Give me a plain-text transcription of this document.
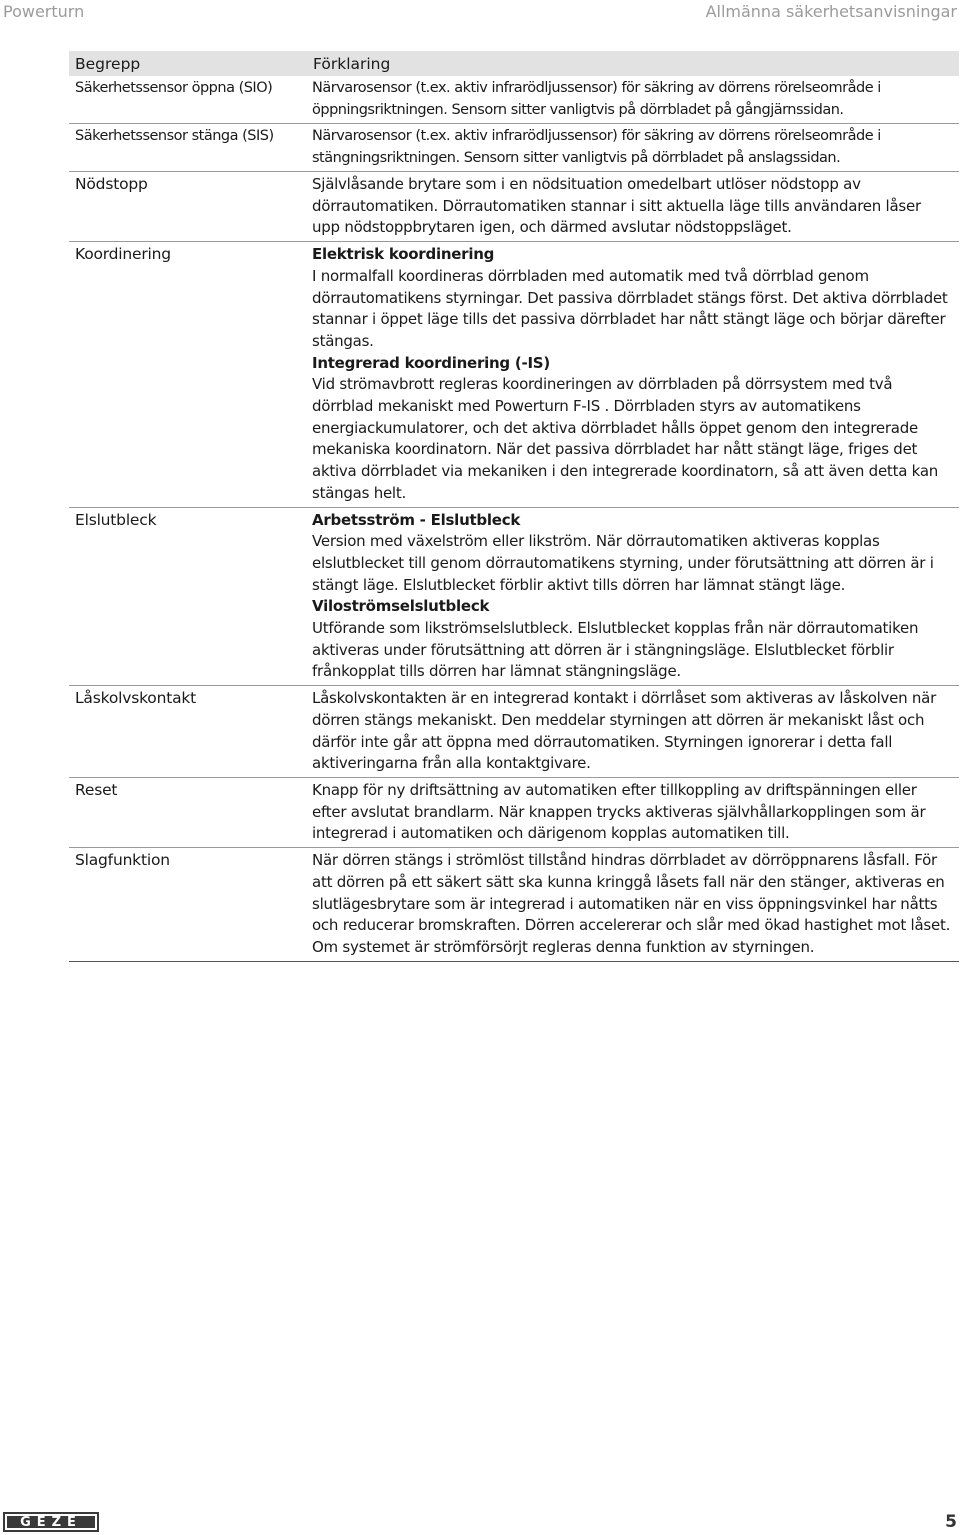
Powerturn	Allmänna säkerhetsanvisningar
Begrepp	Förklaring
Säkerhetssensor öppna (SIO)	Närvarosensor (t.ex. aktiv infrarödljussensor) för säkring av dörrens rörelseområde i öppningsriktningen. Sensorn sitter vanligtvis på dörrbladet på gångjärnssidan.

Säkerhetssensor stänga (SIS)	Närvarosensor (t.ex. aktiv infrarödljussensor) för säkring av dörrens rörelseområde i stängningsriktningen. Sensorn sitter vanligtvis på dörrbladet på anslagssidan.

Nödstopp	Självlåsande brytare som i en nödsituation omedelbart utlöser nödstopp av dörrautomatiken. Dörrautomatiken stannar i sitt aktuella läge tills användaren låser upp nödstoppbrytaren igen, och därmed avslutar nödstoppsläget.

Koordinering	Elektrisk koordinering
I normalfall koordineras dörrbladen med automatik med två dörrblad genom dörrautomatikens styrningar. Det passiva dörrbladet stängs först. Det aktiva dörrbladet stannar i öppet läge tills det passiva dörrbladet har nått stängt läge och börjar därefter stängas.
Integrerad koordinering (-IS)
Vid strömavbrott regleras koordineringen av dörrbladen på dörrsystem med två dörrblad mekaniskt med Powerturn F-IS . Dörrbladen styrs av automatikens energiackumulatorer, och det aktiva dörrbladet hålls öppet genom den integrerade mekaniska koordinatorn. När det passiva dörrbladet har nått stängt läge, friges det aktiva dörrbladet via mekaniken i den integrerade koordinatorn, så att även detta kan stängas helt.

Elslutbleck	Arbetsström - Elslutbleck
Version med växelström eller likström. När dörrautomatiken aktiveras kopplas elslutblecket till genom dörrautomatikens styrning, under förutsättning att dörren är i stängt läge. Elslutblecket förblir aktivt tills dörren har lämnat stängt läge.
Viloströmselslutbleck
Utförande som likströmselslutbleck. Elslutblecket kopplas från när dörrautomatiken aktiveras under förutsättning att dörren är i stängningsläge. Elslutblecket förblir frånkopplat tills dörren har lämnat stängningsläge.

Låskolvskontakt	Låskolvskontakten är en integrerad kontakt i dörrlåset som aktiveras av låskolven när dörren stängs mekaniskt. Den meddelar styrningen att dörren är mekaniskt låst och därför inte går att öppna med dörrautomatiken. Styrningen ignorerar i detta fall aktiveringarna från alla kontaktgivare.

Reset	Knapp för ny driftsättning av automatiken efter tillkoppling av driftspänningen eller efter avslutat brandlarm. När knappen trycks aktiveras självhållarkopplingen som är integrerad i automatiken och därigenom kopplas automatiken till.

Slagfunktion	När dörren stängs i strömlöst tillstånd hindras dörrbladet av dörröppnarens låsfall. För att dörren på ett säkert sätt ska kunna kringgå låsets fall när den stänger, aktiveras en slutlägesbrytare som är integrerad i automatiken när en viss öppningsvinkel har nåtts och reducerar bromskraften. Dörren accelererar och slår med ökad hastighet mot låset. Om systemet är strömförsörjt regleras denna funktion av styrningen.
GEZE	5
